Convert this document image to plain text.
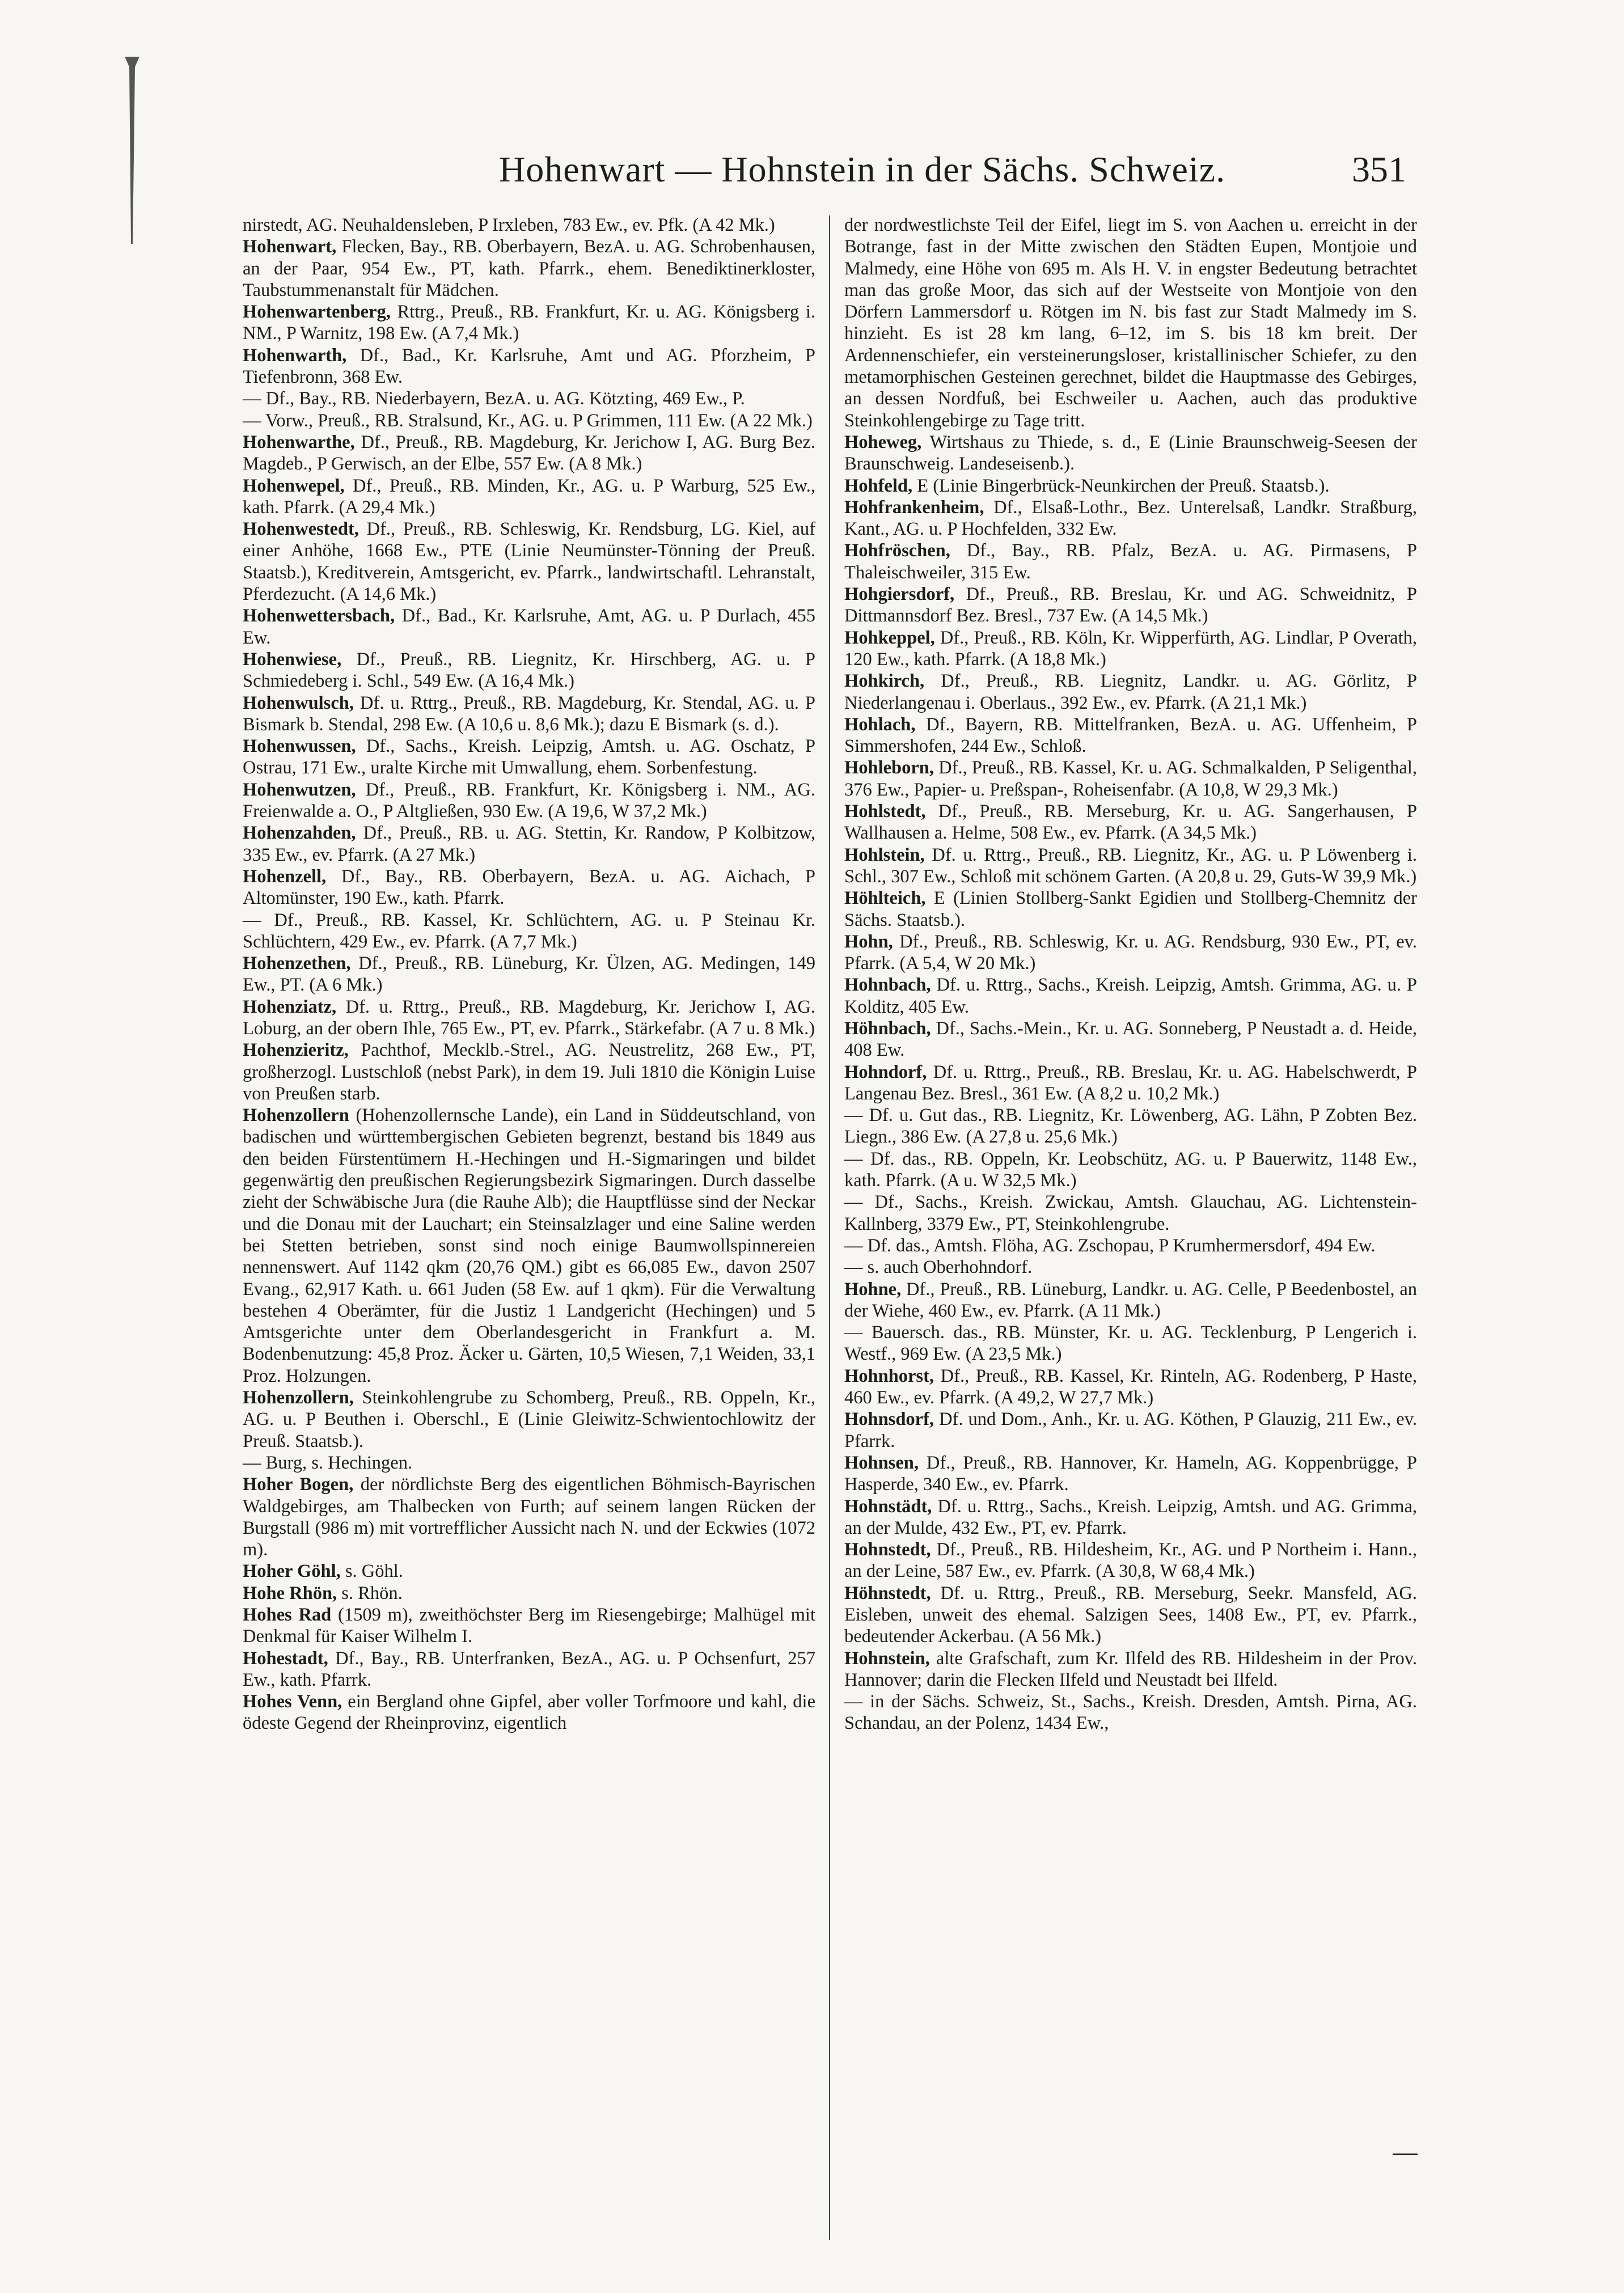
Hohenwart — Hohnstein in der Sächs. Schweiz.	351

nirstedt, AG. Neuhaldensleben, P Irxleben, 783 Ew., ev. Pfk. (A 42 Mk.)

Hohenwart, Flecken, Bay., RB. Oberbayern, BezA. u. AG. Schrobenhausen, an der Paar, 954 Ew., PT, kath. Pfarrk., ehem. Benediktinerkloster, Taubstummenanstalt für Mädchen.

Hohenwartenberg, Rttrg., Preuß., RB. Frankfurt, Kr. u. AG. Königsberg i. NM., P Warnitz, 198 Ew. (A 7,4 Mk.)

Hohenwarth, Df., Bad., Kr. Karlsruhe, Amt und AG. Pforzheim, P Tiefenbronn, 368 Ew.

— Df., Bay., RB. Niederbayern, BezA. u. AG. Kötzting, 469 Ew., P.

— Vorw., Preuß., RB. Stralsund, Kr., AG. u. P Grimmen, 111 Ew. (A 22 Mk.)

Hohenwarthe, Df., Preuß., RB. Magdeburg, Kr. Jerichow I, AG. Burg Bez. Magdeb., P Gerwisch, an der Elbe, 557 Ew. (A 8 Mk.)

Hohenwepel, Df., Preuß., RB. Minden, Kr., AG. u. P Warburg, 525 Ew., kath. Pfarrk. (A 29,4 Mk.)

Hohenwestedt, Df., Preuß., RB. Schleswig, Kr. Rendsburg, LG. Kiel, auf einer Anhöhe, 1668 Ew., PTE (Linie Neumünster-Tönning der Preuß. Staatsb.), Kreditverein, Amtsgericht, ev. Pfarrk., landwirtschaftl. Lehranstalt, Pferdezucht. (A 14,6 Mk.)

Hohenwettersbach, Df., Bad., Kr. Karlsruhe, Amt, AG. u. P Durlach, 455 Ew.

Hohenwiese, Df., Preuß., RB. Liegnitz, Kr. Hirschberg, AG. u. P Schmiedeberg i. Schl., 549 Ew. (A 16,4 Mk.)

Hohenwulsch, Df. u. Rttrg., Preuß., RB. Magdeburg, Kr. Stendal, AG. u. P Bismark b. Stendal, 298 Ew. (A 10,6 u. 8,6 Mk.); dazu E Bismark (s. d.).

Hohenwussen, Df., Sachs., Kreish. Leipzig, Amtsh. u. AG. Oschatz, P Ostrau, 171 Ew., uralte Kirche mit Umwallung, ehem. Sorbenfestung.

Hohenwutzen, Df., Preuß., RB. Frankfurt, Kr. Königsberg i. NM., AG. Freienwalde a. O., P Altgließen, 930 Ew. (A 19,6, W 37,2 Mk.)

Hohenzahden, Df., Preuß., RB. u. AG. Stettin, Kr. Randow, P Kolbitzow, 335 Ew., ev. Pfarrk. (A 27 Mk.)

Hohenzell, Df., Bay., RB. Oberbayern, BezA. u. AG. Aichach, P Altomünster, 190 Ew., kath. Pfarrk.

— Df., Preuß., RB. Kassel, Kr. Schlüchtern, AG. u. P Steinau Kr. Schlüchtern, 429 Ew., ev. Pfarrk. (A 7,7 Mk.)

Hohenzethen, Df., Preuß., RB. Lüneburg, Kr. Ülzen, AG. Medingen, 149 Ew., PT. (A 6 Mk.)

Hohenziatz, Df. u. Rttrg., Preuß., RB. Magdeburg, Kr. Jerichow I, AG. Loburg, an der obern Ihle, 765 Ew., PT, ev. Pfarrk., Stärkefabr. (A 7 u. 8 Mk.)

Hohenzieritz, Pachthof, Mecklb.-Strel., AG. Neustrelitz, 268 Ew., PT, großherzogl. Lustschloß (nebst Park), in dem 19. Juli 1810 die Königin Luise von Preußen starb.

Hohenzollern (Hohenzollernsche Lande), ein Land in Süddeutschland, von badischen und württembergischen Gebieten begrenzt, bestand bis 1849 aus den beiden Fürstentümern H.-Hechingen und H.-Sigmaringen und bildet gegenwärtig den preußischen Regierungsbezirk Sigmaringen. Durch dasselbe zieht der Schwäbische Jura (die Rauhe Alb); die Hauptflüsse sind der Neckar und die Donau mit der Lauchart; ein Steinsalzlager und eine Saline werden bei Stetten betrieben, sonst sind noch einige Baumwollspinnereien nennenswert. Auf 1142 qkm (20,76 QM.) gibt es 66,085 Ew., davon 2507 Evang., 62,917 Kath. u. 661 Juden (58 Ew. auf 1 qkm). Für die Verwaltung bestehen 4 Oberämter, für die Justiz 1 Landgericht (Hechingen) und 5 Amtsgerichte unter dem Oberlandesgericht in Frankfurt a. M. Bodenbenutzung: 45,8 Proz. Äcker u. Gärten, 10,5 Wiesen, 7,1 Weiden, 33,1 Proz. Holzungen.

Hohenzollern, Steinkohlengrube zu Schomberg, Preuß., RB. Oppeln, Kr., AG. u. P Beuthen i. Oberschl., E (Linie Gleiwitz-Schwientochlowitz der Preuß. Staatsb.).

— Burg, s. Hechingen.

Hoher Bogen, der nördlichste Berg des eigentlichen Böhmisch-Bayrischen Waldgebirges, am Thalbecken von Furth; auf seinem langen Rücken der Burgstall (986 m) mit vortrefflicher Aussicht nach N. und der Eckwies (1072 m).

Hoher Göhl, s. Göhl.

Hohe Rhön, s. Rhön.

Hohes Rad (1509 m), zweithöchster Berg im Riesengebirge; Malhügel mit Denkmal für Kaiser Wilhelm I.

Hohestadt, Df., Bay., RB. Unterfranken, BezA., AG. u. P Ochsenfurt, 257 Ew., kath. Pfarrk.

Hohes Venn, ein Bergland ohne Gipfel, aber voller Torfmoore und kahl, die ödeste Gegend der Rheinprovinz, eigentlich

der nordwestlichste Teil der Eifel, liegt im S. von Aachen u. erreicht in der Botrange, fast in der Mitte zwischen den Städten Eupen, Montjoie und Malmedy, eine Höhe von 695 m. Als H. V. in engster Bedeutung betrachtet man das große Moor, das sich auf der Westseite von Montjoie von den Dörfern Lammersdorf u. Rötgen im N. bis fast zur Stadt Malmedy im S. hinzieht. Es ist 28 km lang, 6–12, im S. bis 18 km breit. Der Ardennenschiefer, ein versteinerungsloser, kristallinischer Schiefer, zu den metamorphischen Gesteinen gerechnet, bildet die Hauptmasse des Gebirges, an dessen Nordfuß, bei Eschweiler u. Aachen, auch das produktive Steinkohlengebirge zu Tage tritt.

Hoheweg, Wirtshaus zu Thiede, s. d., E (Linie Braunschweig-Seesen der Braunschweig. Landeseisenb.).

Hohfeld, E (Linie Bingerbrück-Neunkirchen der Preuß. Staatsb.).

Hohfrankenheim, Df., Elsaß-Lothr., Bez. Unterelsaß, Landkr. Straßburg, Kant., AG. u. P Hochfelden, 332 Ew.

Hohfröschen, Df., Bay., RB. Pfalz, BezA. u. AG. Pirmasens, P Thaleischweiler, 315 Ew.

Hohgiersdorf, Df., Preuß., RB. Breslau, Kr. und AG. Schweidnitz, P Dittmannsdorf Bez. Bresl., 737 Ew. (A 14,5 Mk.)

Hohkeppel, Df., Preuß., RB. Köln, Kr. Wipperfürth, AG. Lindlar, P Overath, 120 Ew., kath. Pfarrk. (A 18,8 Mk.)

Hohkirch, Df., Preuß., RB. Liegnitz, Landkr. u. AG. Görlitz, P Niederlangenau i. Oberlaus., 392 Ew., ev. Pfarrk. (A 21,1 Mk.)

Hohlach, Df., Bayern, RB. Mittelfranken, BezA. u. AG. Uffenheim, P Simmershofen, 244 Ew., Schloß.

Hohleborn, Df., Preuß., RB. Kassel, Kr. u. AG. Schmalkalden, P Seligenthal, 376 Ew., Papier- u. Preßspan-, Roheisenfabr. (A 10,8, W 29,3 Mk.)

Hohlstedt, Df., Preuß., RB. Merseburg, Kr. u. AG. Sangerhausen, P Wallhausen a. Helme, 508 Ew., ev. Pfarrk. (A 34,5 Mk.)

Hohlstein, Df. u. Rttrg., Preuß., RB. Liegnitz, Kr., AG. u. P Löwenberg i. Schl., 307 Ew., Schloß mit schönem Garten. (A 20,8 u. 29, Guts-W 39,9 Mk.)

Höhlteich, E (Linien Stollberg-Sankt Egidien und Stollberg-Chemnitz der Sächs. Staatsb.).

Hohn, Df., Preuß., RB. Schleswig, Kr. u. AG. Rendsburg, 930 Ew., PT, ev. Pfarrk. (A 5,4, W 20 Mk.)

Hohnbach, Df. u. Rttrg., Sachs., Kreish. Leipzig, Amtsh. Grimma, AG. u. P Kolditz, 405 Ew.

Höhnbach, Df., Sachs.-Mein., Kr. u. AG. Sonneberg, P Neustadt a. d. Heide, 408 Ew.

Hohndorf, Df. u. Rttrg., Preuß., RB. Breslau, Kr. u. AG. Habelschwerdt, P Langenau Bez. Bresl., 361 Ew. (A 8,2 u. 10,2 Mk.)

— Df. u. Gut das., RB. Liegnitz, Kr. Löwenberg, AG. Lähn, P Zobten Bez. Liegn., 386 Ew. (A 27,8 u. 25,6 Mk.)

— Df. das., RB. Oppeln, Kr. Leobschütz, AG. u. P Bauerwitz, 1148 Ew., kath. Pfarrk. (A u. W 32,5 Mk.)

— Df., Sachs., Kreish. Zwickau, Amtsh. Glauchau, AG. Lichtenstein-Kallnberg, 3379 Ew., PT, Steinkohlengrube.

— Df. das., Amtsh. Flöha, AG. Zschopau, P Krumhermersdorf, 494 Ew.

— s. auch Oberhohndorf.

Hohne, Df., Preuß., RB. Lüneburg, Landkr. u. AG. Celle, P Beedenbostel, an der Wiehe, 460 Ew., ev. Pfarrk. (A 11 Mk.)

— Bauersch. das., RB. Münster, Kr. u. AG. Tecklenburg, P Lengerich i. Westf., 969 Ew. (A 23,5 Mk.)

Hohnhorst, Df., Preuß., RB. Kassel, Kr. Rinteln, AG. Rodenberg, P Haste, 460 Ew., ev. Pfarrk. (A 49,2, W 27,7 Mk.)

Hohnsdorf, Df. und Dom., Anh., Kr. u. AG. Köthen, P Glauzig, 211 Ew., ev. Pfarrk.

Hohnsen, Df., Preuß., RB. Hannover, Kr. Hameln, AG. Koppenbrügge, P Hasperde, 340 Ew., ev. Pfarrk.

Hohnstädt, Df. u. Rttrg., Sachs., Kreish. Leipzig, Amtsh. und AG. Grimma, an der Mulde, 432 Ew., PT, ev. Pfarrk.

Hohnstedt, Df., Preuß., RB. Hildesheim, Kr., AG. und P Northeim i. Hann., an der Leine, 587 Ew., ev. Pfarrk. (A 30,8, W 68,4 Mk.)

Höhnstedt, Df. u. Rttrg., Preuß., RB. Merseburg, Seekr. Mansfeld, AG. Eisleben, unweit des ehemal. Salzigen Sees, 1408 Ew., PT, ev. Pfarrk., bedeutender Ackerbau. (A 56 Mk.)

Hohnstein, alte Grafschaft, zum Kr. Ilfeld des RB. Hildesheim in der Prov. Hannover; darin die Flecken Ilfeld und Neustadt bei Ilfeld.

— in der Sächs. Schweiz, St., Sachs., Kreish. Dresden, Amtsh. Pirna, AG. Schandau, an der Polenz, 1434 Ew.,
